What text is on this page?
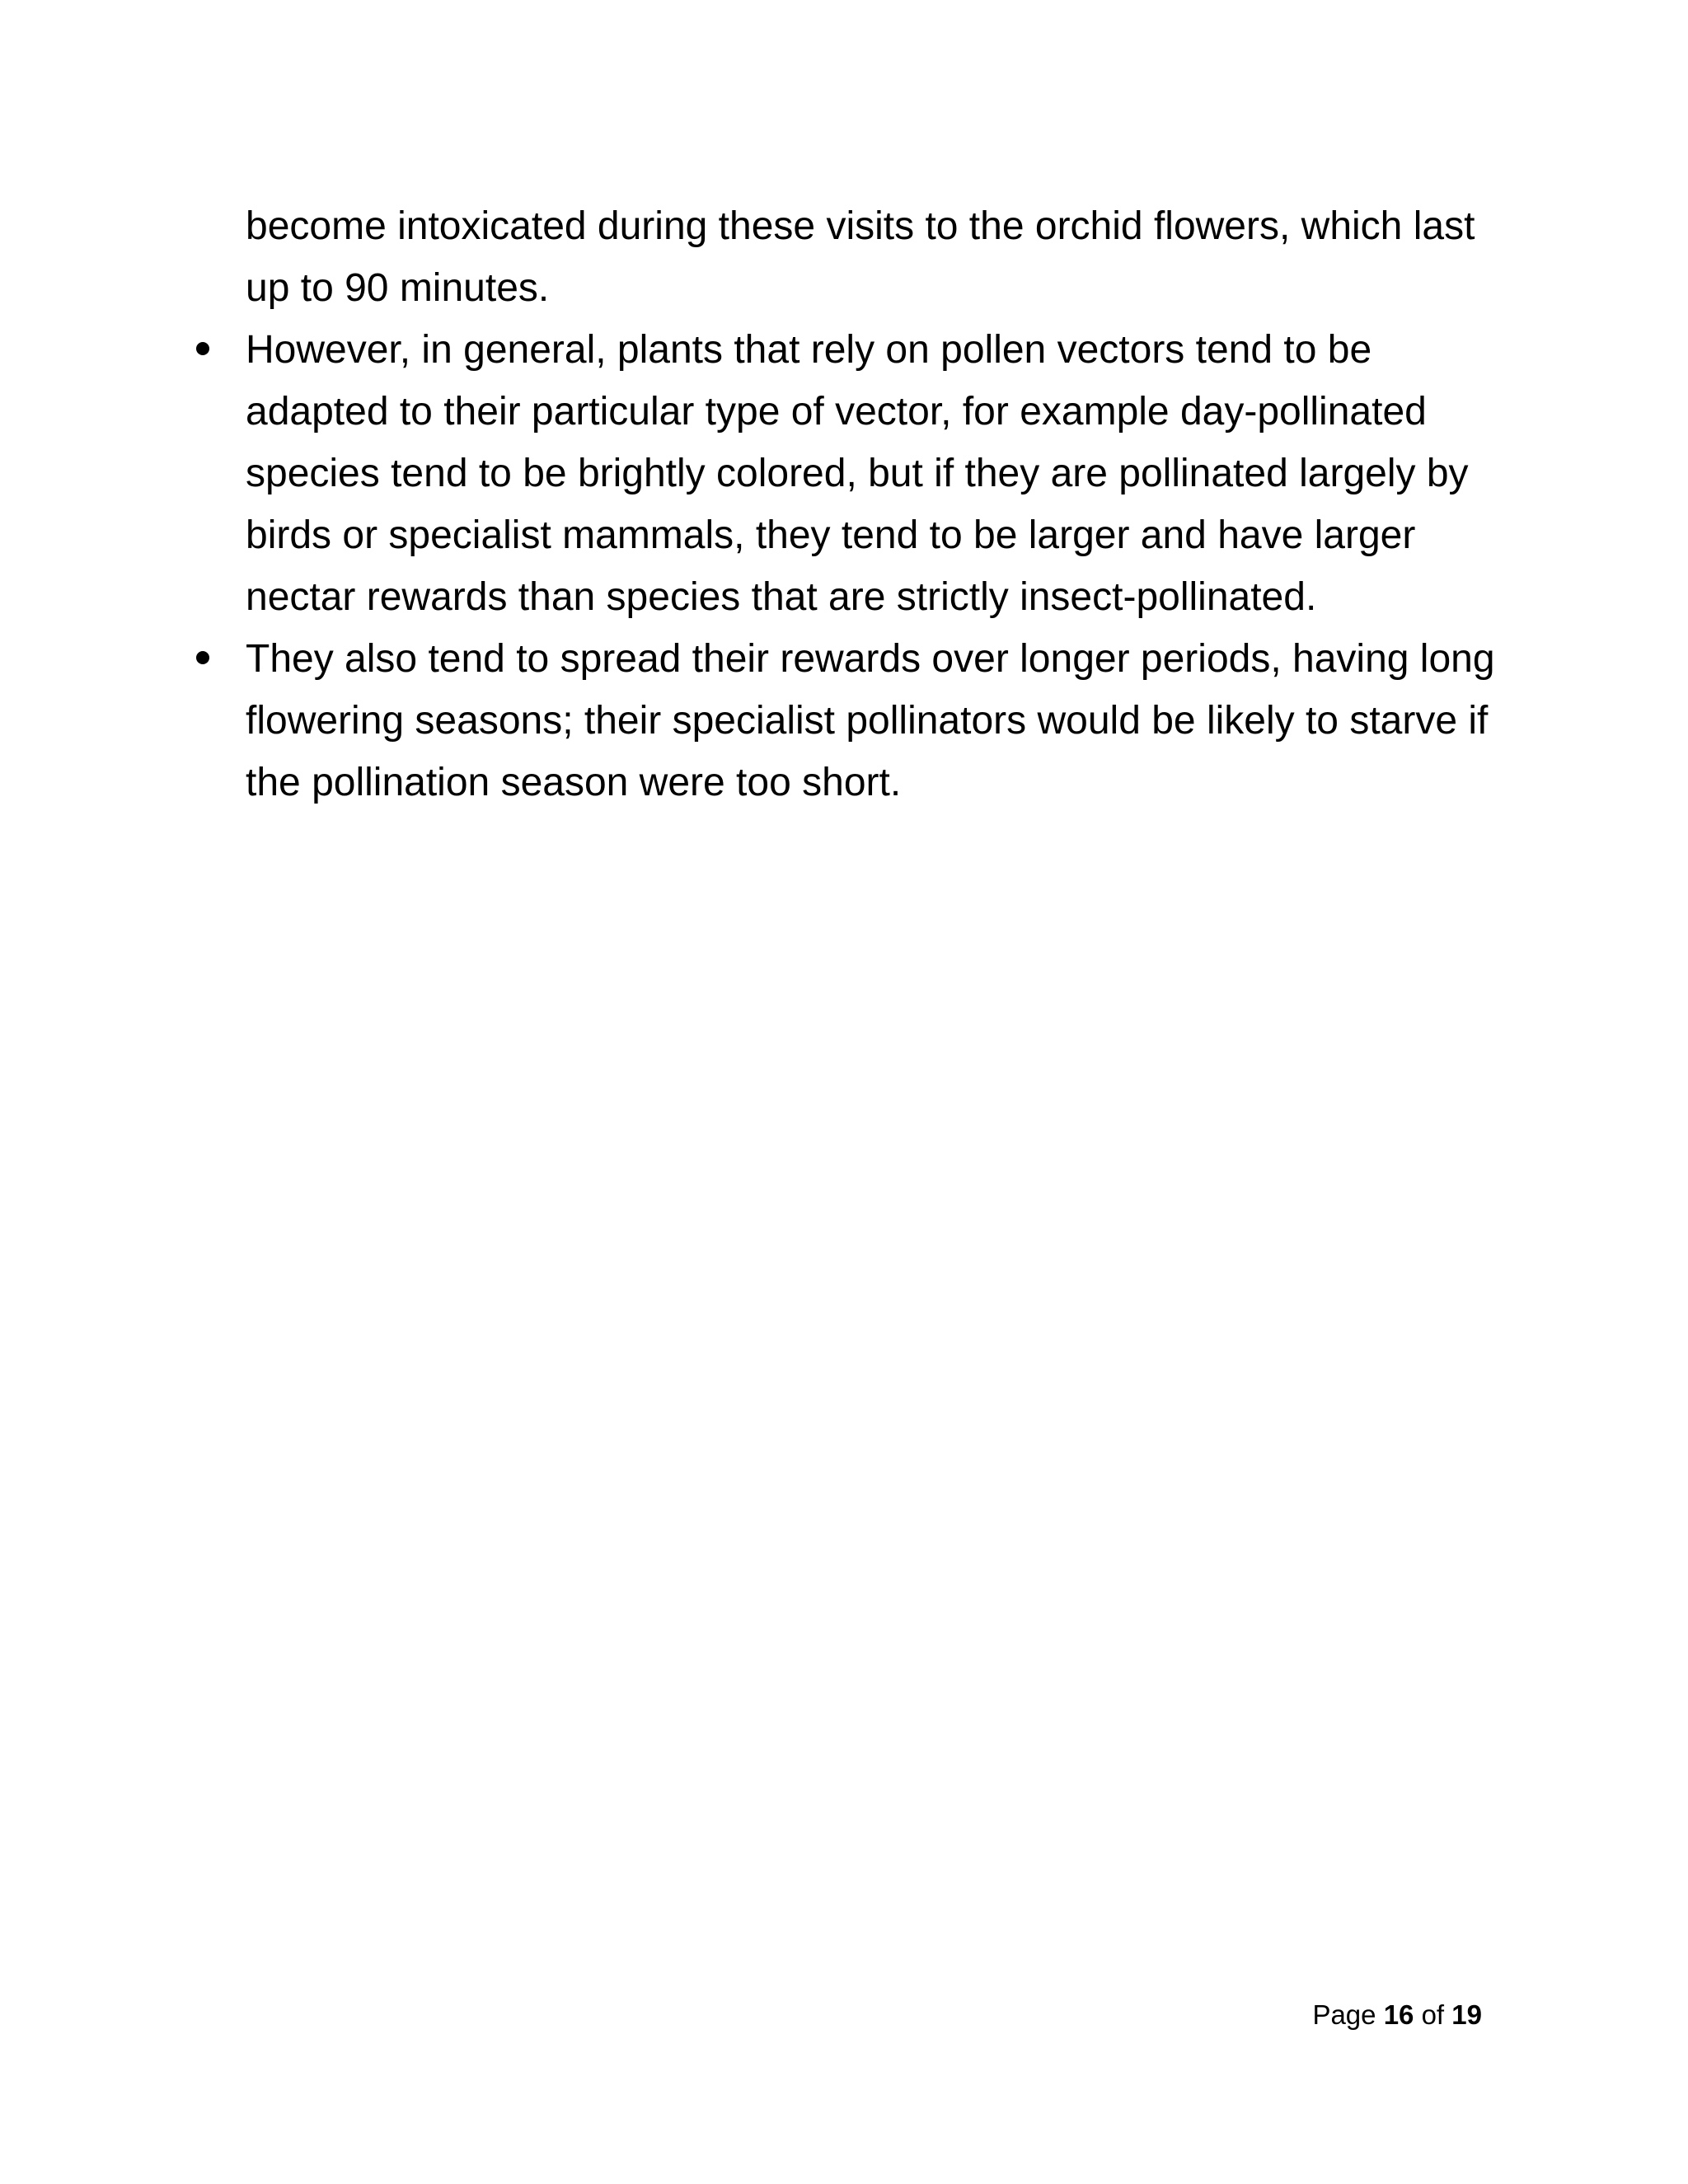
become intoxicated during these visits to the orchid flowers, which last up to 90 minutes.

However, in general, plants that rely on pollen vectors tend to be adapted to their particular type of vector, for example day-pollinated species tend to be brightly colored, but if they are pollinated largely by birds or specialist mammals, they tend to be larger and have larger nectar rewards than species that are strictly insect-pollinated.
They also tend to spread their rewards over longer periods, having long flowering seasons; their specialist pollinators would be likely to starve if the pollination season were too short.
Page 16 of 19
